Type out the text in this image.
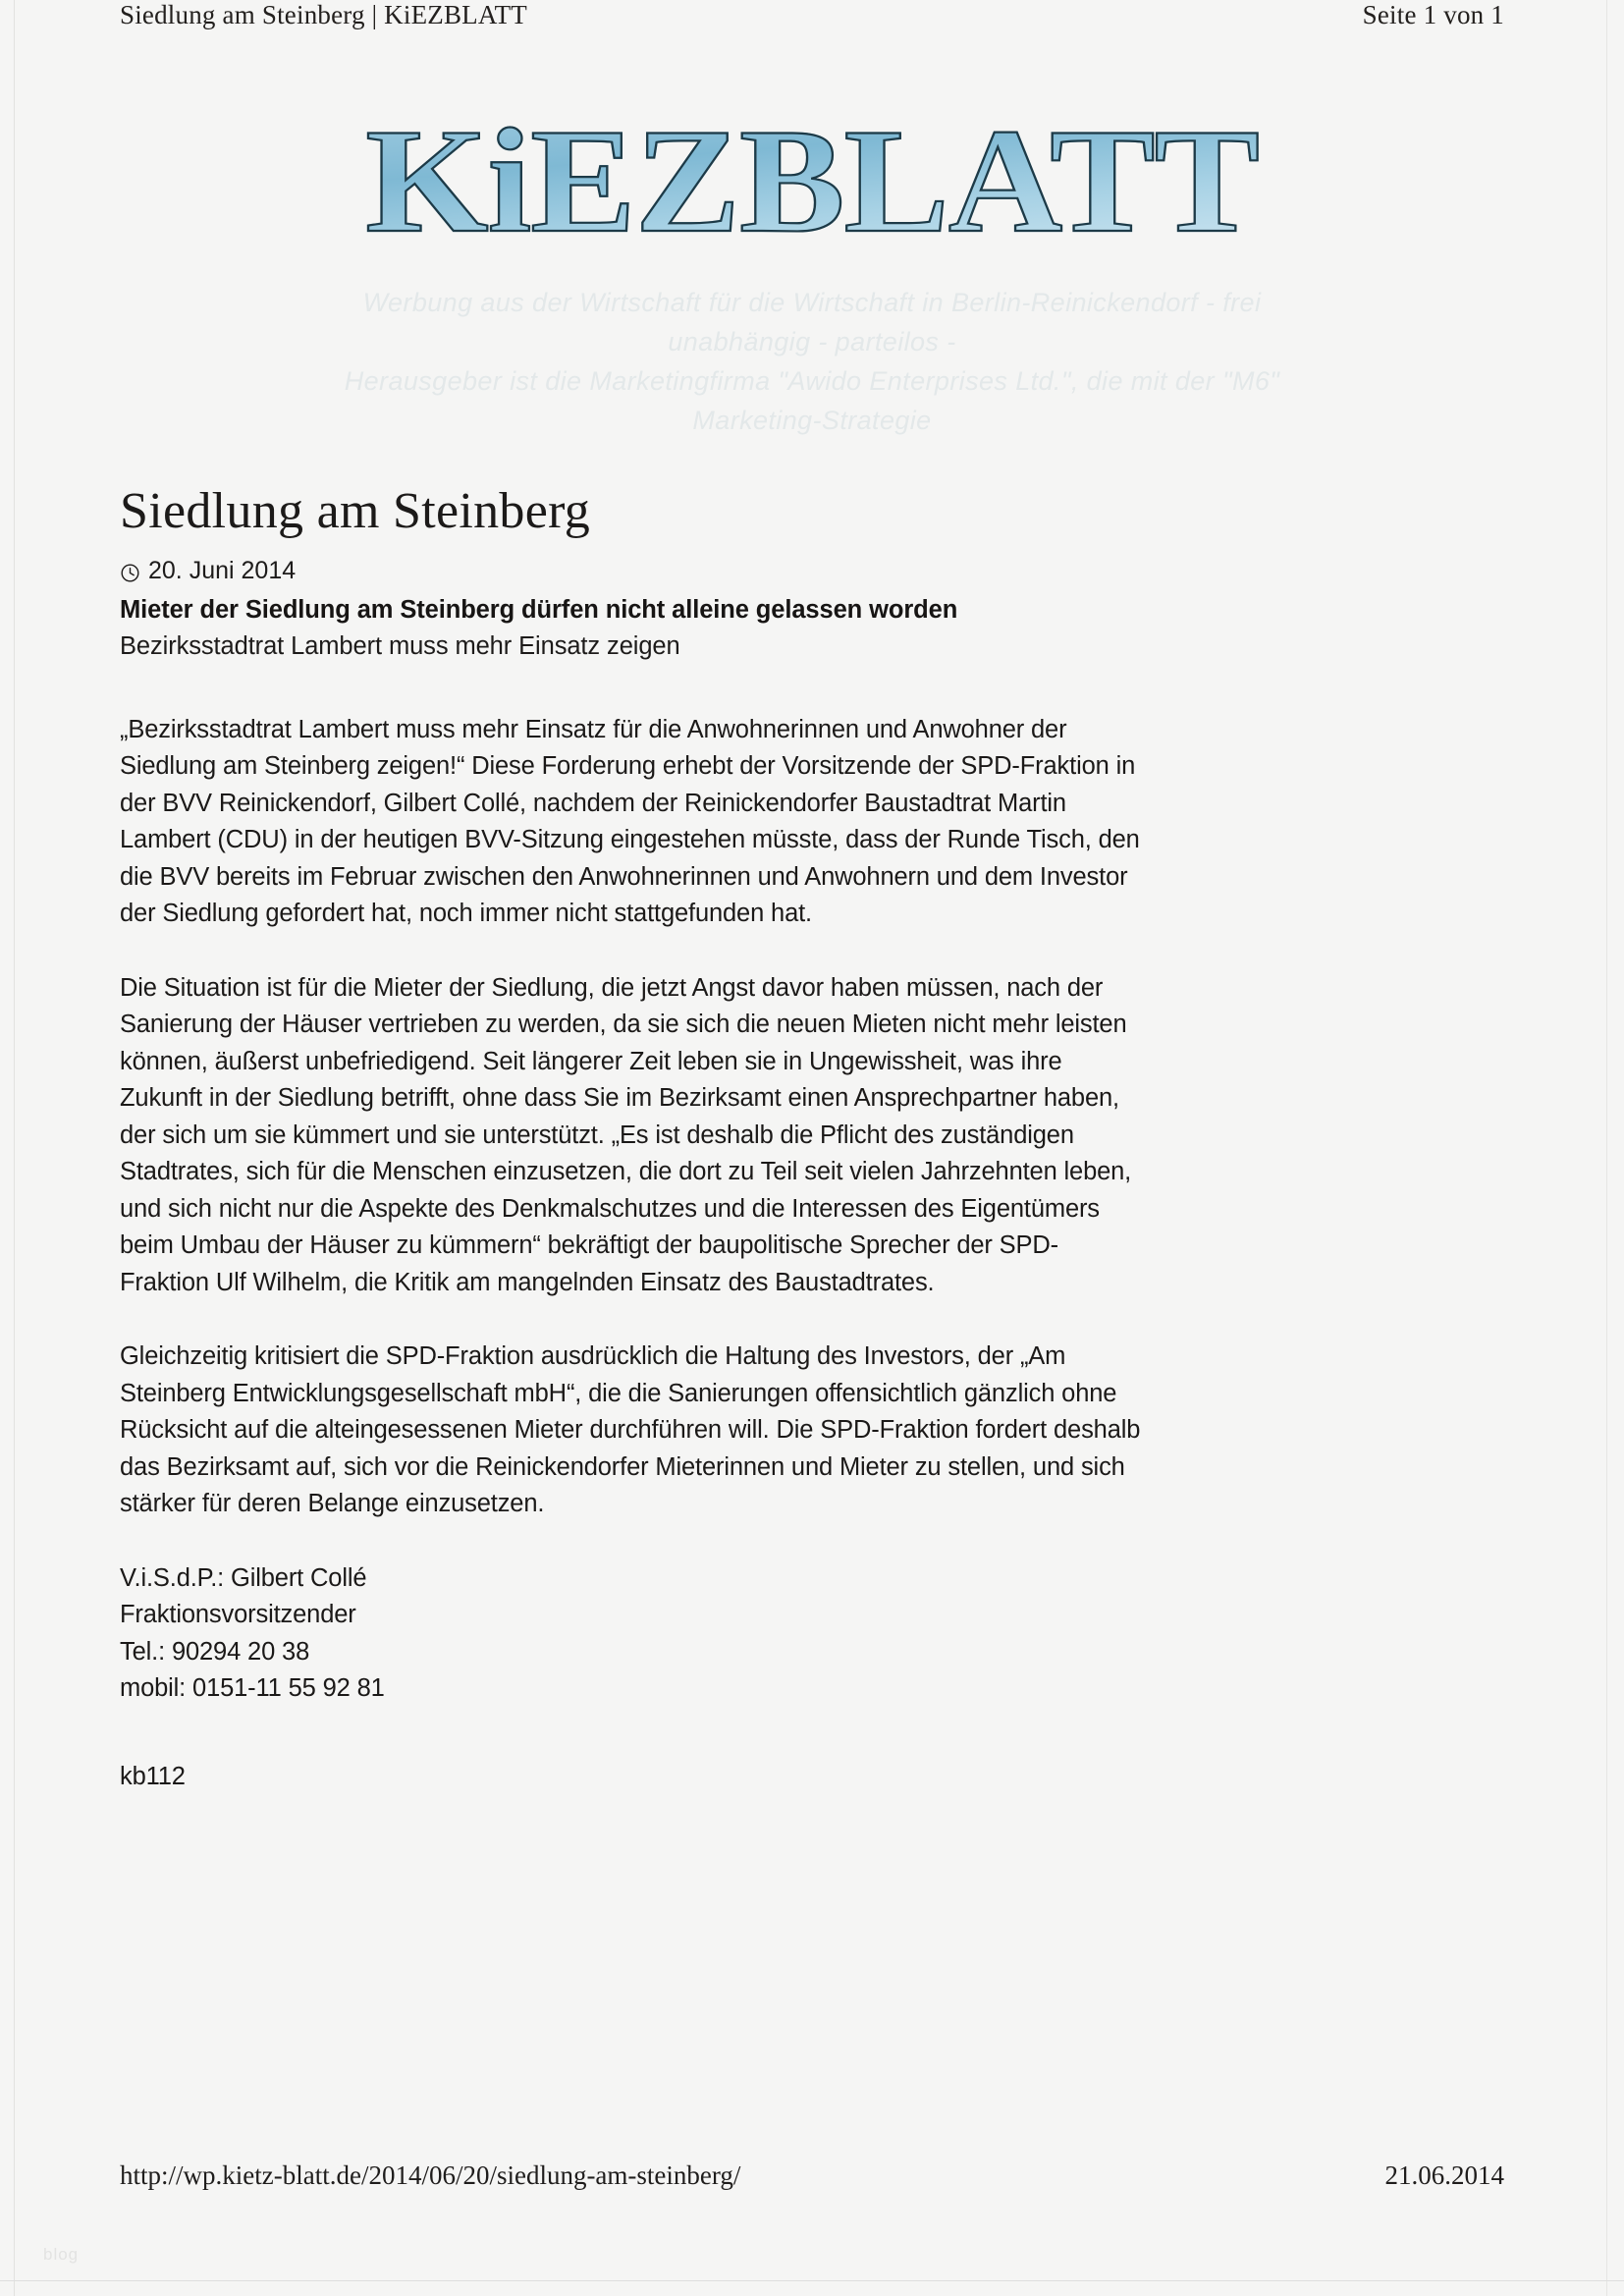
Siedlung am Steinberg | KiEZBLATT	Seite 1 von 1
KiEZBLATT
Werbung aus der Wirtschaft für die Wirtschaft in Berlin-Reinickendorf - frei
unabhängig - parteilos -
Herausgeber ist die Marketingfirma "Awido Enterprises Ltd.", die mit der "M6"
Marketing-Strategie
Siedlung am Steinberg
20. Juni 2014
Mieter der Siedlung am Steinberg dürfen nicht alleine gelassen worden
Bezirksstadtrat Lambert muss mehr Einsatz zeigen

„Bezirksstadtrat Lambert muss mehr Einsatz für die Anwohnerinnen und Anwohner der Siedlung am Steinberg zeigen!“ Diese Forderung erhebt der Vorsitzende der SPD-Fraktion in der BVV Reinickendorf, Gilbert Collé, nachdem der Reinickendorfer Baustadtrat Martin Lambert (CDU) in der heutigen BVV-Sitzung eingestehen müsste, dass der Runde Tisch, den die BVV bereits im Februar zwischen den Anwohnerinnen und Anwohnern und dem Investor der Siedlung gefordert hat, noch immer nicht stattgefunden hat.

Die Situation ist für die Mieter der Siedlung, die jetzt Angst davor haben müssen, nach der Sanierung der Häuser vertrieben zu werden, da sie sich die neuen Mieten nicht mehr leisten können, äußerst unbefriedigend. Seit längerer Zeit leben sie in Ungewissheit, was ihre Zukunft in der Siedlung betrifft, ohne dass Sie im Bezirksamt einen Ansprechpartner haben, der sich um sie kümmert und sie unterstützt. „Es ist deshalb die Pflicht des zuständigen Stadtrates, sich für die Menschen einzusetzen, die dort zu Teil seit vielen Jahrzehnten leben, und sich nicht nur die Aspekte des Denkmalschutzes und die Interessen des Eigentümers beim Umbau der Häuser zu kümmern“ bekräftigt der baupolitische Sprecher der SPD-Fraktion Ulf Wilhelm, die Kritik am mangelnden Einsatz des Baustadtrates.

Gleichzeitig kritisiert die SPD-Fraktion ausdrücklich die Haltung des Investors, der „Am Steinberg Entwicklungsgesellschaft mbH“, die die Sanierungen offensichtlich gänzlich ohne Rücksicht auf die alteingesessenen Mieter durchführen will. Die SPD-Fraktion fordert deshalb das Bezirksamt auf, sich vor die Reinickendorfer Mieterinnen und Mieter zu stellen, und sich stärker für deren Belange einzusetzen.

V.i.S.d.P.: Gilbert Collé
Fraktionsvorsitzender
Tel.: 90294 20 38
mobil: 0151-11 55 92 81
kb112
http://wp.kietz-blatt.de/2014/06/20/siedlung-am-steinberg/	21.06.2014
blog
